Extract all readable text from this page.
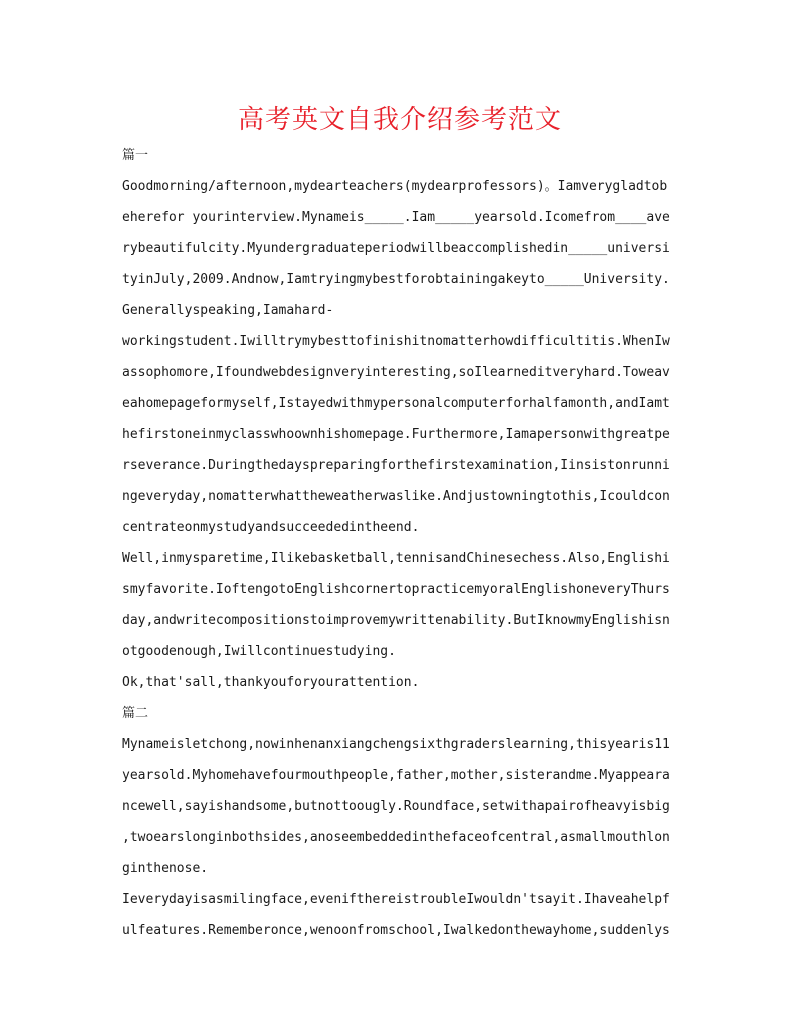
高考英文自我介绍参考范文
篇一
Goodmorning/afternoon,mydearteachers(mydearprofessors)。Iamverygladtob
eherefor yourinterview.Mynameis_____.Iam_____yearsold.Icomefrom____ave
rybeautifulcity.Myundergraduateperiodwillbeaccomplishedin_____universi
tyinJuly,2009.Andnow,Iamtryingmybestforobtainingakeyto_____University.
Generallyspeaking,Iamahard-
workingstudent.Iwilltrymybesttofinishitnomatterhowdifficultitis.WhenIw
assophomore,Ifoundwebdesignveryinteresting,soIlearneditveryhard.Toweav
eahomepageformyself,Istayedwithmypersonalcomputerforhalfamonth,andIamt
hefirstoneinmyclasswhoownhishomepage.Furthermore,Iamapersonwithgreatpe
rseverance.Duringthedayspreparingforthefirstexamination,Iinsistonrunni
ngeveryday,nomatterwhattheweatherwaslike.Andjustowningtothis,Icouldcon
centrateonmystudyandsucceededintheend.
Well,inmysparetime,Ilikebasketball,tennisandChinesechess.Also,Englishi
smyfavorite.IoftengotoEnglishcornertopracticemyoralEnglishoneveryThurs
day,andwritecompositionstoimprovemywrittenability.ButIknowmyEnglishisn
otgoodenough,Iwillcontinuestudying.
Ok,that'sall,thankyouforyourattention.
篇二
Mynameisletchong,nowinhenanxiangchengsixthgraderslearning,thisyearis11
yearsold.Myhomehavefourmouthpeople,father,mother,sisterandme.Myappeara
ncewell,sayishandsome,butnottoougly.Roundface,setwithapairofheavyisbig
,twoearslonginbothsides,anoseembeddedinthefaceofcentral,asmallmouthlon
ginthenose.
Ieverydayisasmilingface,evenifthereistroubleIwouldn'tsayit.Ihaveahelpf
ulfeatures.Rememberonce,wenoonfromschool,Iwalkedonthewayhome,suddenlys
